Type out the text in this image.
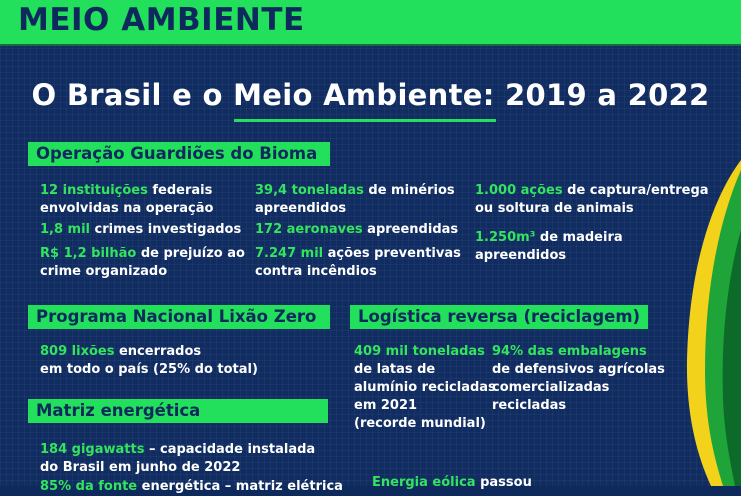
MEIO AMBIENTE
O Brasil e o Meio Ambiente: 2019 a 2022
Operação Guardiões do Bioma
12 instituições federais
envolvidas na operação
1,8 mil crimes investigados
R$ 1,2 bilhão de prejuízo ao
crime organizado
39,4 toneladas de minérios
apreendidos
172 aeronaves apreendidas
7.247 mil ações preventivas
contra incêndios
1.000 ações de captura/entrega
ou soltura de animais
1.250m³ de madeira
apreendidos
Programa Nacional Lixão Zero
809 lixões encerrados
em todo o país (25% do total)
Logística reversa (reciclagem)
409 mil toneladas
de latas de
alumínio recicladas
em 2021
(recorde mundial)
94% das embalagens
de defensivos agrícolas
comercializadas
recicladas
Matriz energética
184 gigawatts – capacidade instalada
do Brasil em junho de 2022
85% da fonte energética – matriz elétrica Energia eólica passou
